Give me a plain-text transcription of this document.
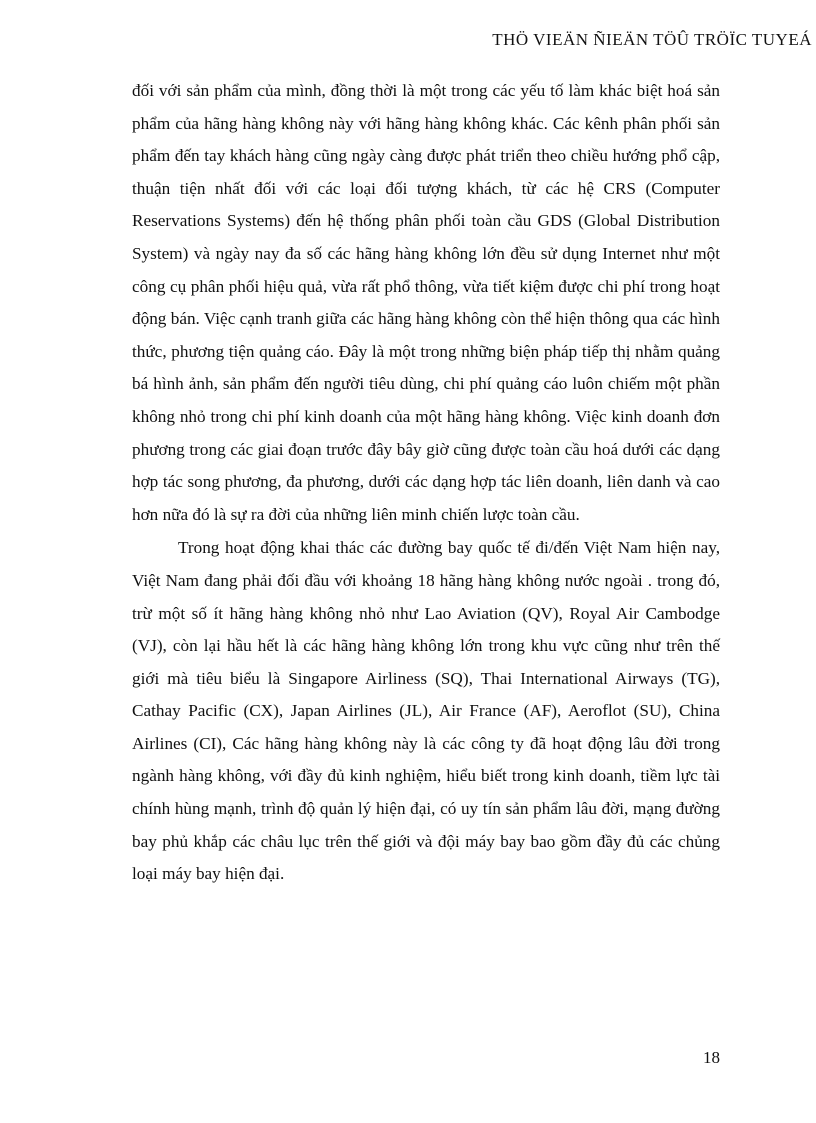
THÖ VIEÄN ÑIEÄN TÖÛ TRÖÏC TUYEÁ

đối với sản phẩm của mình, đồng thời là một trong các yếu tố làm khác biệt hoá sản phẩm của hãng hàng không này với hãng hàng không khác. Các kênh phân phối sản phẩm đến tay khách hàng cũng ngày càng được phát triển theo chiều hướng phổ cập, thuận tiện nhất đối với các loại đối tượng khách, từ các hệ CRS (Computer Reservations Systems) đến hệ thống phân phối toàn cầu GDS (Global Distribution System) và ngày nay đa số các hãng hàng không lớn đều sử dụng Internet như một công cụ phân phối hiệu quả, vừa rất phổ thông, vừa tiết kiệm được chi phí trong hoạt động bán. Việc cạnh tranh giữa các hãng hàng không còn thể hiện thông qua các hình thức, phương tiện quảng cáo. Đây là một trong những biện pháp tiếp thị nhằm quảng bá hình ảnh, sản phẩm đến người tiêu dùng, chi phí quảng cáo luôn chiếm một phần không nhỏ trong chi phí kinh doanh của một hãng hàng không. Việc kinh doanh đơn phương trong các giai đoạn trước đây bây giờ cũng được toàn cầu hoá dưới các dạng hợp tác song phương, đa phương, dưới các dạng hợp tác liên doanh, liên danh và cao hơn nữa đó là sự ra đời của những liên minh chiến lược toàn cầu.

Trong hoạt động khai thác các đường bay quốc tế đi/đến Việt Nam hiện nay, Việt Nam đang phải đối đầu với khoảng 18 hãng hàng không nước ngoài . trong đó, trừ một số ít hãng hàng không nhỏ như Lao Aviation (QV), Royal Air Cambodge (VJ), còn lại hầu hết là các hãng hàng không lớn trong khu vực cũng như trên thế giới mà tiêu biểu là Singapore Airliness (SQ), Thai International Airways (TG), Cathay Pacific (CX), Japan Airlines (JL), Air France (AF), Aeroflot (SU), China Airlines (CI), Các hãng hàng không này là các công ty đã hoạt động lâu đời trong ngành hàng không, với đầy đủ kinh nghiệm, hiểu biết trong kinh doanh, tiềm lực tài chính hùng mạnh, trình độ quản lý hiện đại, có uy tín sản phẩm lâu đời, mạng đường bay phủ khắp các châu lục trên thế giới và đội máy bay bao gồm đầy đủ các chủng loại máy bay hiện đại.

18
